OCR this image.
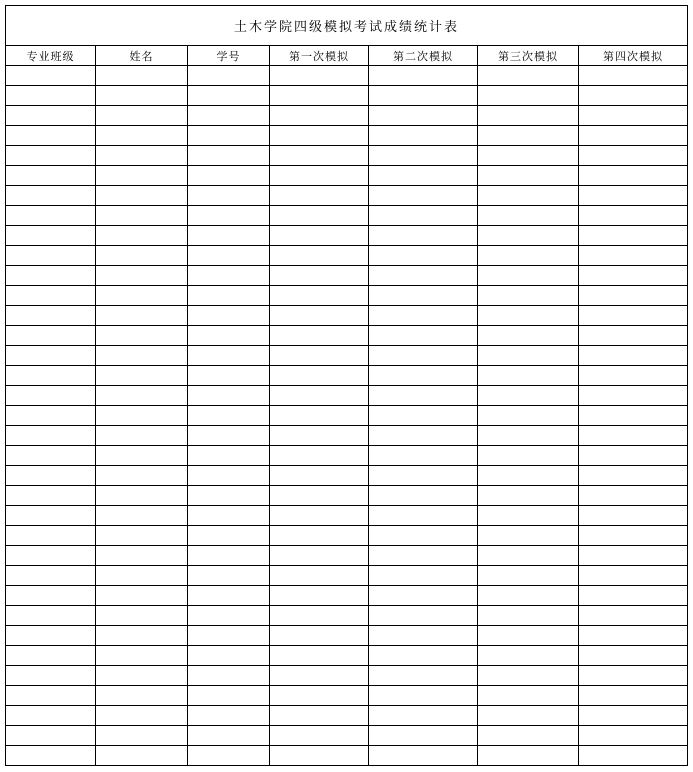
土木学院四级模拟考试成绩统计表						
专业班级	姓名	学号	第一次模拟	第二次模拟	第三次模拟	第四次模拟
